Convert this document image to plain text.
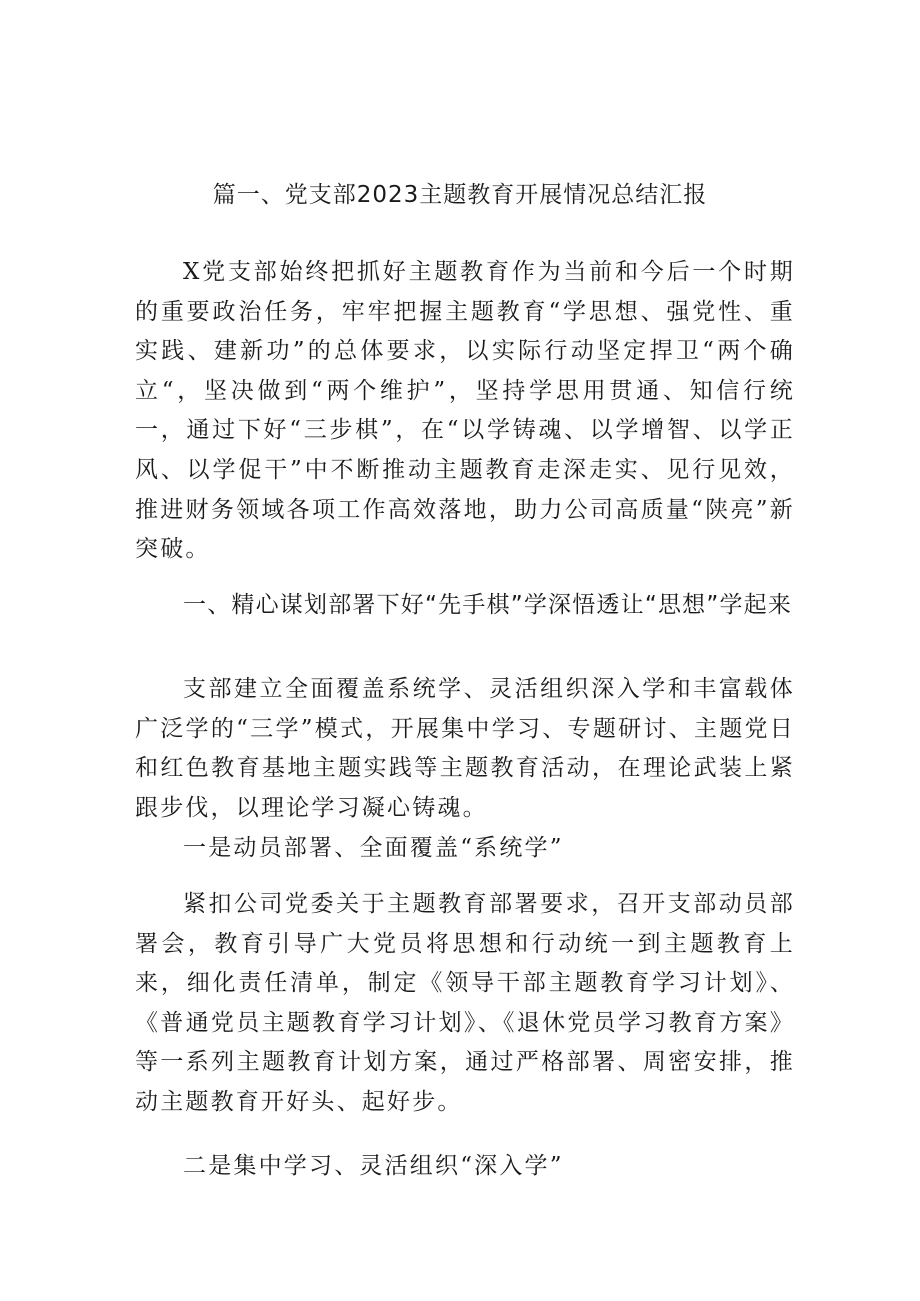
篇一、党支部2023主题教育开展情况总结汇报

X党支部始终把抓好主题教育作为当前和今后一个时期的重要政治任务，牢牢把握主题教育“学思想、强党性、重实践、建新功”的总体要求，以实际行动坚定捍卫“两个确立“，坚决做到“两个维护”，坚持学思用贯通、知信行统一，通过下好“三步棋”，在“以学铸魂、以学增智、以学正风、以学促干”中不断推动主题教育走深走实、见行见效，推进财务领域各项工作高效落地，助力公司高质量“陕亮”新突破。

一、精心谋划部署下好“先手棋”学深悟透让“思想”学起来

支部建立全面覆盖系统学、灵活组织深入学和丰富载体广泛学的“三学”模式，开展集中学习、专题研讨、主题党日和红色教育基地主题实践等主题教育活动，在理论武装上紧跟步伐，以理论学习凝心铸魂。

一是动员部署、全面覆盖“系统学”

紧扣公司党委关于主题教育部署要求，召开支部动员部署会，教育引导广大党员将思想和行动统一到主题教育上来，细化责任清单，制定《领导干部主题教育学习计划》、《普通党员主题教育学习计划》、《退休党员学习教育方案》等一系列主题教育计划方案，通过严格部署、周密安排，推动主题教育开好头、起好步。

二是集中学习、灵活组织“深入学”
